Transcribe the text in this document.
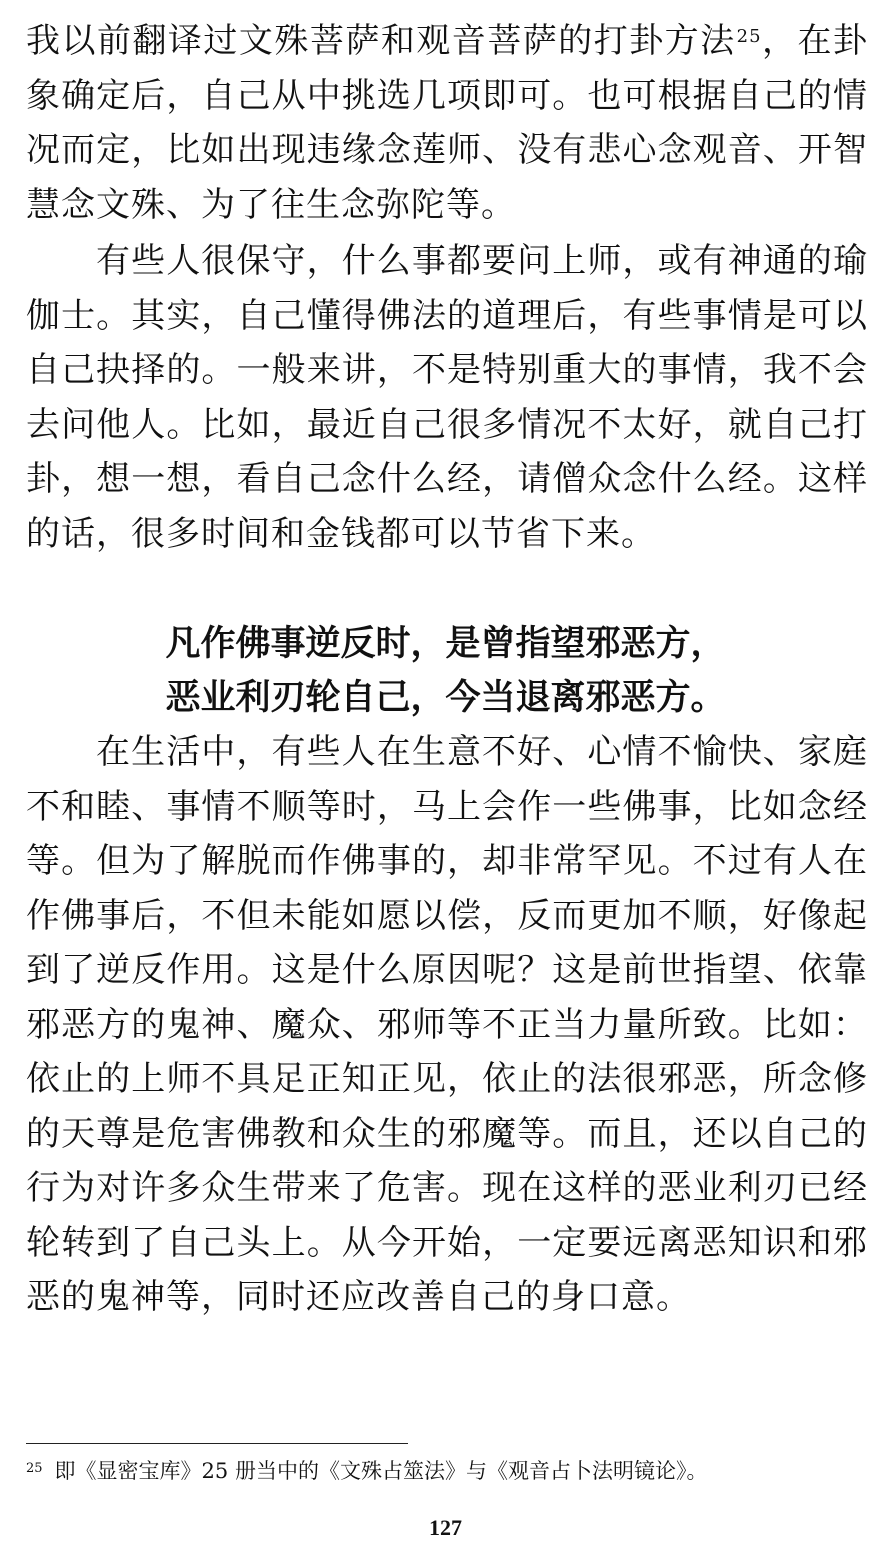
我以前翻译过文殊菩萨和观音菩萨的打卦方法$^{25}$，在卦象确定后，自己从中挑选几项即可。也可根据自己的情况而定，比如出现违缘念莲师、没有悲心念观音、开智慧念文殊、为了往生念弥陀等。

有些人很保守，什么事都要问上师，或有神通的瑜伽士。其实，自己懂得佛法的道理后，有些事情是可以自己抉择的。一般来讲，不是特别重大的事情，我不会去问他人。比如，最近自己很多情况不太好，就自己打卦，想一想，看自己念什么经，请僧众念什么经。这样的话，很多时间和金钱都可以节省下来。

凡作佛事逆反时，是曾指望邪恶方，
恶业利刃轮自己，今当退离邪恶方。

在生活中，有些人在生意不好、心情不愉快、家庭不和睦、事情不顺等时，马上会作一些佛事，比如念经等。但为了解脱而作佛事的，却非常罕见。不过有人在作佛事后，不但未能如愿以偿，反而更加不顺，好像起到了逆反作用。这是什么原因呢？这是前世指望、依靠邪恶方的鬼神、魔众、邪师等不正当力量所致。比如：依止的上师不具足正知正见，依止的法很邪恶，所念修的天尊是危害佛教和众生的邪魔等。而且，还以自己的行为对许多众生带来了危害。现在这样的恶业利刃已经轮转到了自己头上。从今开始，一定要远离恶知识和邪恶的鬼神等，同时还应改善自己的身口意。

$^{25}$ 即《显密宝库》25 册当中的《文殊占筮法》与《观音占卜法明镜论》。

127
